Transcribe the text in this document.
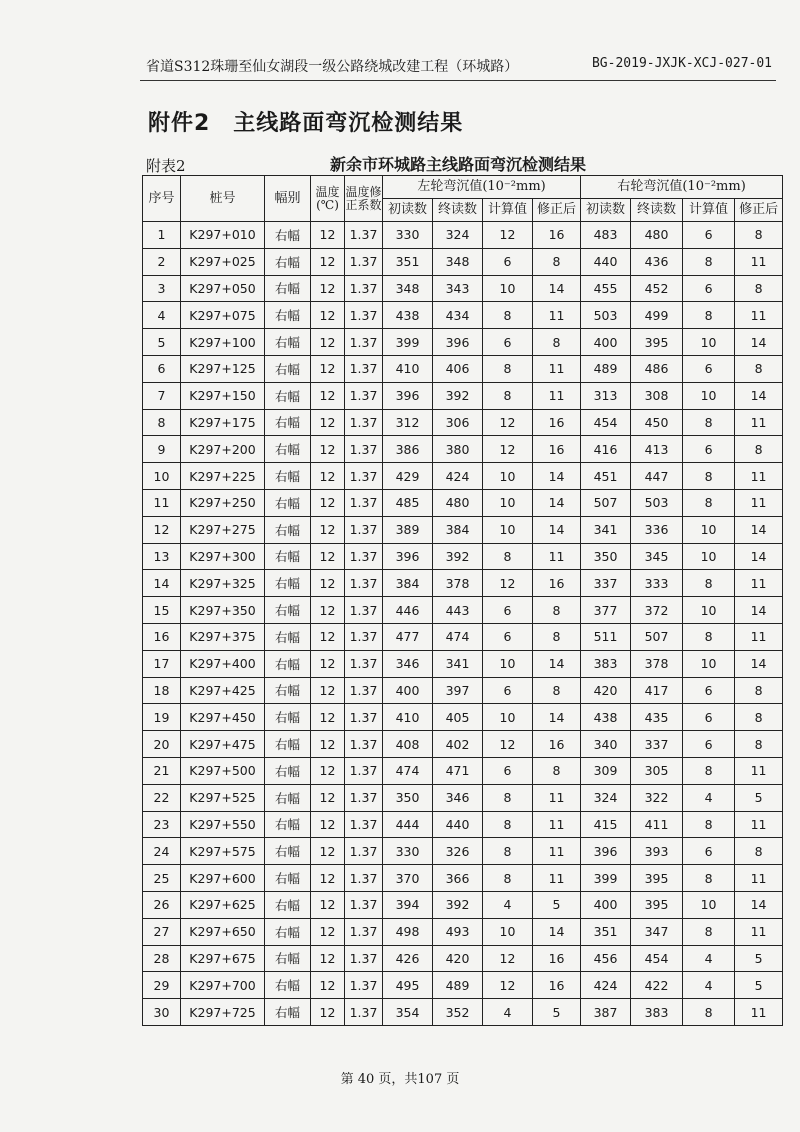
省道S312珠珊至仙女湖段一级公路绕城改建工程（环城路）	BG-2019-JXJK-XCJ-027-01
附件2　主线路面弯沉检测结果
附表2	新余市环城路主线路面弯沉检测结果
序号	桩号	幅别	温度(℃)	温度修正系数	左轮弯沉值(10⁻²mm)				右轮弯沉值(10⁻²mm)			
					初读数	终读数	计算值	修正后	初读数	终读数	计算值	修正后
1	K297+010	右幅	12	1.37	330	324	12	16	483	480	6	8
2	K297+025	右幅	12	1.37	351	348	6	8	440	436	8	11
3	K297+050	右幅	12	1.37	348	343	10	14	455	452	6	8
4	K297+075	右幅	12	1.37	438	434	8	11	503	499	8	11
5	K297+100	右幅	12	1.37	399	396	6	8	400	395	10	14
6	K297+125	右幅	12	1.37	410	406	8	11	489	486	6	8
7	K297+150	右幅	12	1.37	396	392	8	11	313	308	10	14
8	K297+175	右幅	12	1.37	312	306	12	16	454	450	8	11
9	K297+200	右幅	12	1.37	386	380	12	16	416	413	6	8
10	K297+225	右幅	12	1.37	429	424	10	14	451	447	8	11
11	K297+250	右幅	12	1.37	485	480	10	14	507	503	8	11
12	K297+275	右幅	12	1.37	389	384	10	14	341	336	10	14
13	K297+300	右幅	12	1.37	396	392	8	11	350	345	10	14
14	K297+325	右幅	12	1.37	384	378	12	16	337	333	8	11
15	K297+350	右幅	12	1.37	446	443	6	8	377	372	10	14
16	K297+375	右幅	12	1.37	477	474	6	8	511	507	8	11
17	K297+400	右幅	12	1.37	346	341	10	14	383	378	10	14
18	K297+425	右幅	12	1.37	400	397	6	8	420	417	6	8
19	K297+450	右幅	12	1.37	410	405	10	14	438	435	6	8
20	K297+475	右幅	12	1.37	408	402	12	16	340	337	6	8
21	K297+500	右幅	12	1.37	474	471	6	8	309	305	8	11
22	K297+525	右幅	12	1.37	350	346	8	11	324	322	4	5
23	K297+550	右幅	12	1.37	444	440	8	11	415	411	8	11
24	K297+575	右幅	12	1.37	330	326	8	11	396	393	6	8
25	K297+600	右幅	12	1.37	370	366	8	11	399	395	8	11
26	K297+625	右幅	12	1.37	394	392	4	5	400	395	10	14
27	K297+650	右幅	12	1.37	498	493	10	14	351	347	8	11
28	K297+675	右幅	12	1.37	426	420	12	16	456	454	4	5
29	K297+700	右幅	12	1.37	495	489	12	16	424	422	4	5
30	K297+725	右幅	12	1.37	354	352	4	5	387	383	8	11
第 40 页，共107 页
